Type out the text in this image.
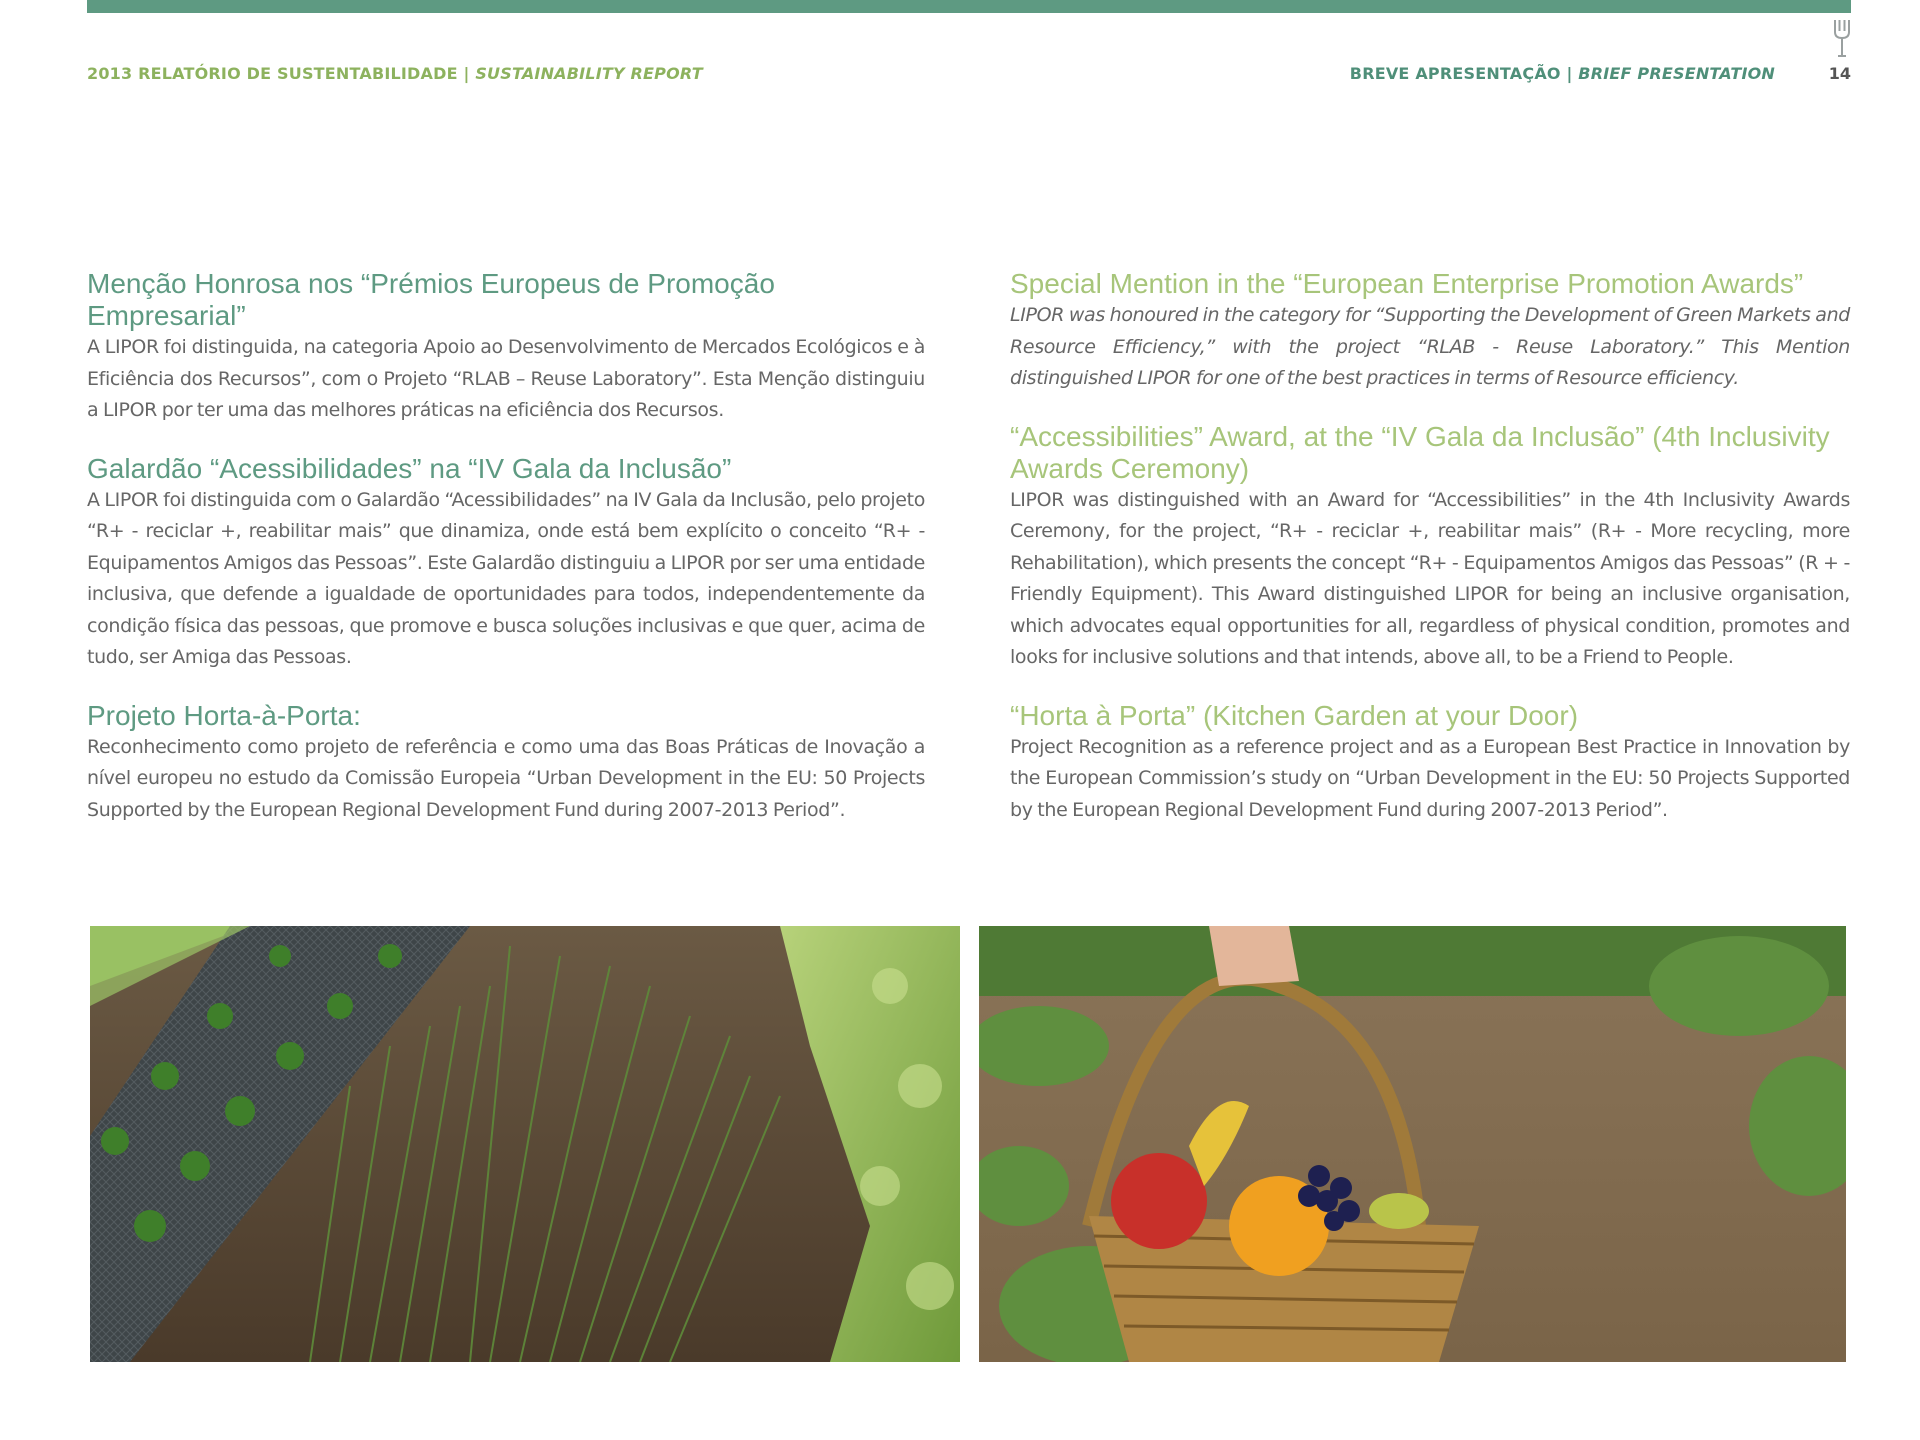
2013 RELATÓRIO DE SUSTENTABILIDADE | SUSTAINABILITY REPORT	BREVE APRESENTAÇÃO | BRIEF PRESENTATION	14
Menção Honrosa nos “Prémios Europeus de Promoção Empresarial”

A LIPOR foi distinguida, na categoria Apoio ao Desenvolvimento de Mercados Ecológicos e à Eficiência dos Recursos”, com o Projeto “RLAB – Reuse Laboratory”. Esta Menção distinguiu a LIPOR por ter uma das melhores práticas na eficiência dos Recursos.

Galardão “Acessibilidades” na “IV Gala da Inclusão”

A LIPOR foi distinguida com o Galardão “Acessibilidades” na IV Gala da Inclusão, pelo projeto “R+ - reciclar +, reabilitar mais” que dinamiza, onde está bem explícito o conceito “R+ - Equipamentos Amigos das Pessoas”. Este Galardão distinguiu a LIPOR por ser uma entidade inclusiva, que defende a igualdade de oportunidades para todos, independentemente da condição física das pessoas, que promove e busca soluções inclusivas e que quer, acima de tudo, ser Amiga das Pessoas.

Projeto Horta-à-Porta:

Reconhecimento como projeto de referência e como uma das Boas Práticas de Inovação a nível europeu no estudo da Comissão Europeia “Urban Development in the EU: 50 Projects Supported by the European Regional Development Fund during 2007-2013 Period”.

Special Mention in the “European Enterprise Promotion Awards”

LIPOR was honoured in the category for “Supporting the Development of Green Markets and Resource Efficiency,” with the project “RLAB - Reuse Laboratory.” This Mention distinguished LIPOR for one of the best practices in terms of Resource efficiency.

“Accessibilities” Award, at the “IV Gala da Inclusão” (4th Inclusivity Awards Ceremony)

LIPOR was distinguished with an Award for “Accessibilities” in the 4th Inclusivity Awards Ceremony, for the project, “R+ - reciclar +, reabilitar mais” (R+ - More recycling, more Rehabilitation), which presents the concept “R+ - Equipamentos Amigos das Pessoas” (R + - Friendly Equipment). This Award distinguished LIPOR for being an inclusive organisation, which advocates equal opportunities for all, regardless of physical condition, promotes and looks for inclusive solutions and that intends, above all, to be a Friend to People.

“Horta à Porta” (Kitchen Garden at your Door)

Project Recognition as a reference project and as a European Best Practice in Innovation by the European Commission’s study on “Urban Development in the EU: 50 Projects Supported by the European Regional Development Fund during 2007-2013 Period”.
